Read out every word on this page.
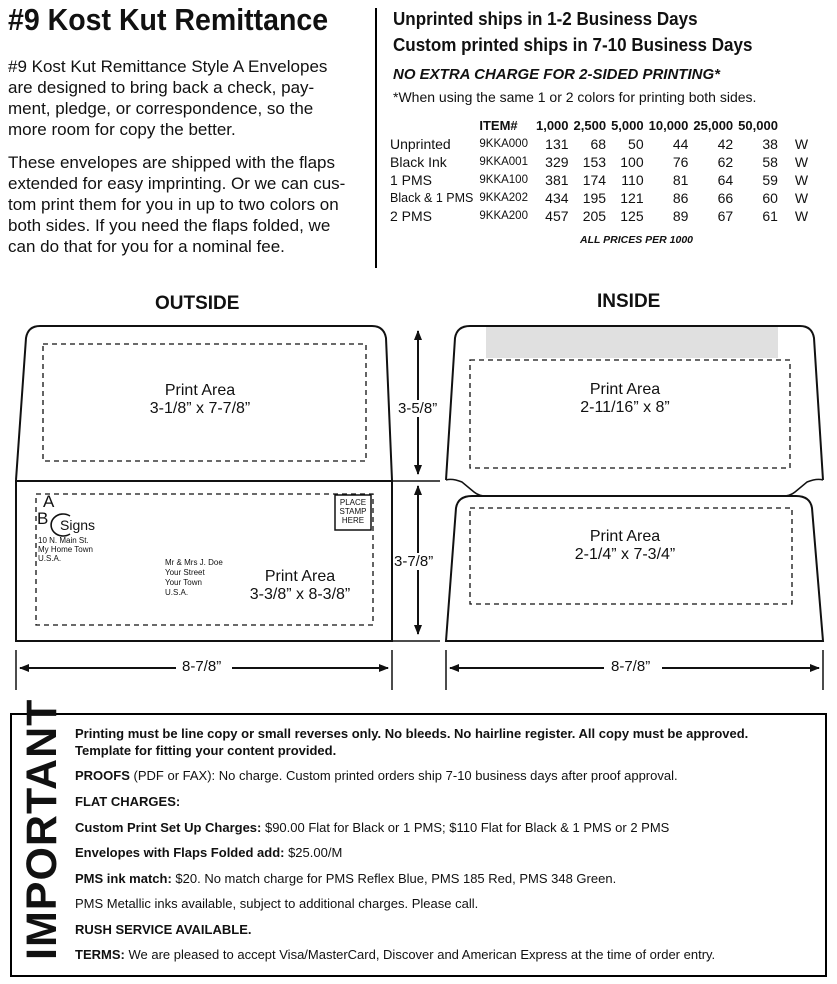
#9 Kost Kut Remittance
#9 Kost Kut Remittance Style A Envelopes
are designed to bring back a check, pay-
ment, pledge, or correspondence, so the
more room for copy the better.
These envelopes are shipped with the flaps
extended for easy imprinting. Or we can cus-
tom print them for you in up to two colors on
both sides. If you need the flaps folded, we
can do that for you for a nominal fee.
Unprinted ships in 1-2 Business Days
Custom printed ships in 7-10 Business Days
NO EXTRA CHARGE FOR 2-SIDED PRINTING*
*When using the same 1 or 2 colors for printing both sides.
	ITEM#	1,000	2,500	5,000	10,000	25,000	50,000	
Unprinted	9KKA000	131	68	50	44	42	38	W
Black Ink	9KKA001	329	153	100	76	62	58	W
1 PMS	9KKA100	381	174	110	81	64	59	W
Black & 1 PMS	9KKA202	434	195	121	86	66	60	W
2 PMS	9KKA200	457	205	125	89	67	61	W
ALL PRICES PER 1000
OUTSIDE	INSIDE
Print Area
3-1/8” x 7-7/8”
Print Area
3-3/8” x 8-3/8”
Print Area
2-11/16” x 8”
Print Area
2-1/4” x 7-3/4”
3-5/8”
3-7/8”
8-7/8”	8-7/8”
PLACE
STAMP
HERE
A
B Signs
10 N. Main St.
My Home Town
U.S.A.	Mr & Mrs J. Doe
Your Street
Your Town
U.S.A.
IMPORTANT Printing must be line copy or small reverses only. No bleeds. No hairline register. All copy must be approved.
Template for fitting your content provided.
PROOFS (PDF or FAX): No charge. Custom printed orders ship 7-10 business days after proof approval.
FLAT CHARGES:
Custom Print Set Up Charges: $90.00 Flat for Black or 1 PMS; $110 Flat for Black & 1 PMS or 2 PMS
Envelopes with Flaps Folded add: $25.00/M
PMS ink match: $20. No match charge for PMS Reflex Blue, PMS 185 Red, PMS 348 Green.
PMS Metallic inks available, subject to additional charges. Please call.
RUSH SERVICE AVAILABLE.
TERMS: We are pleased to accept Visa/MasterCard, Discover and American Express at the time of order entry.
